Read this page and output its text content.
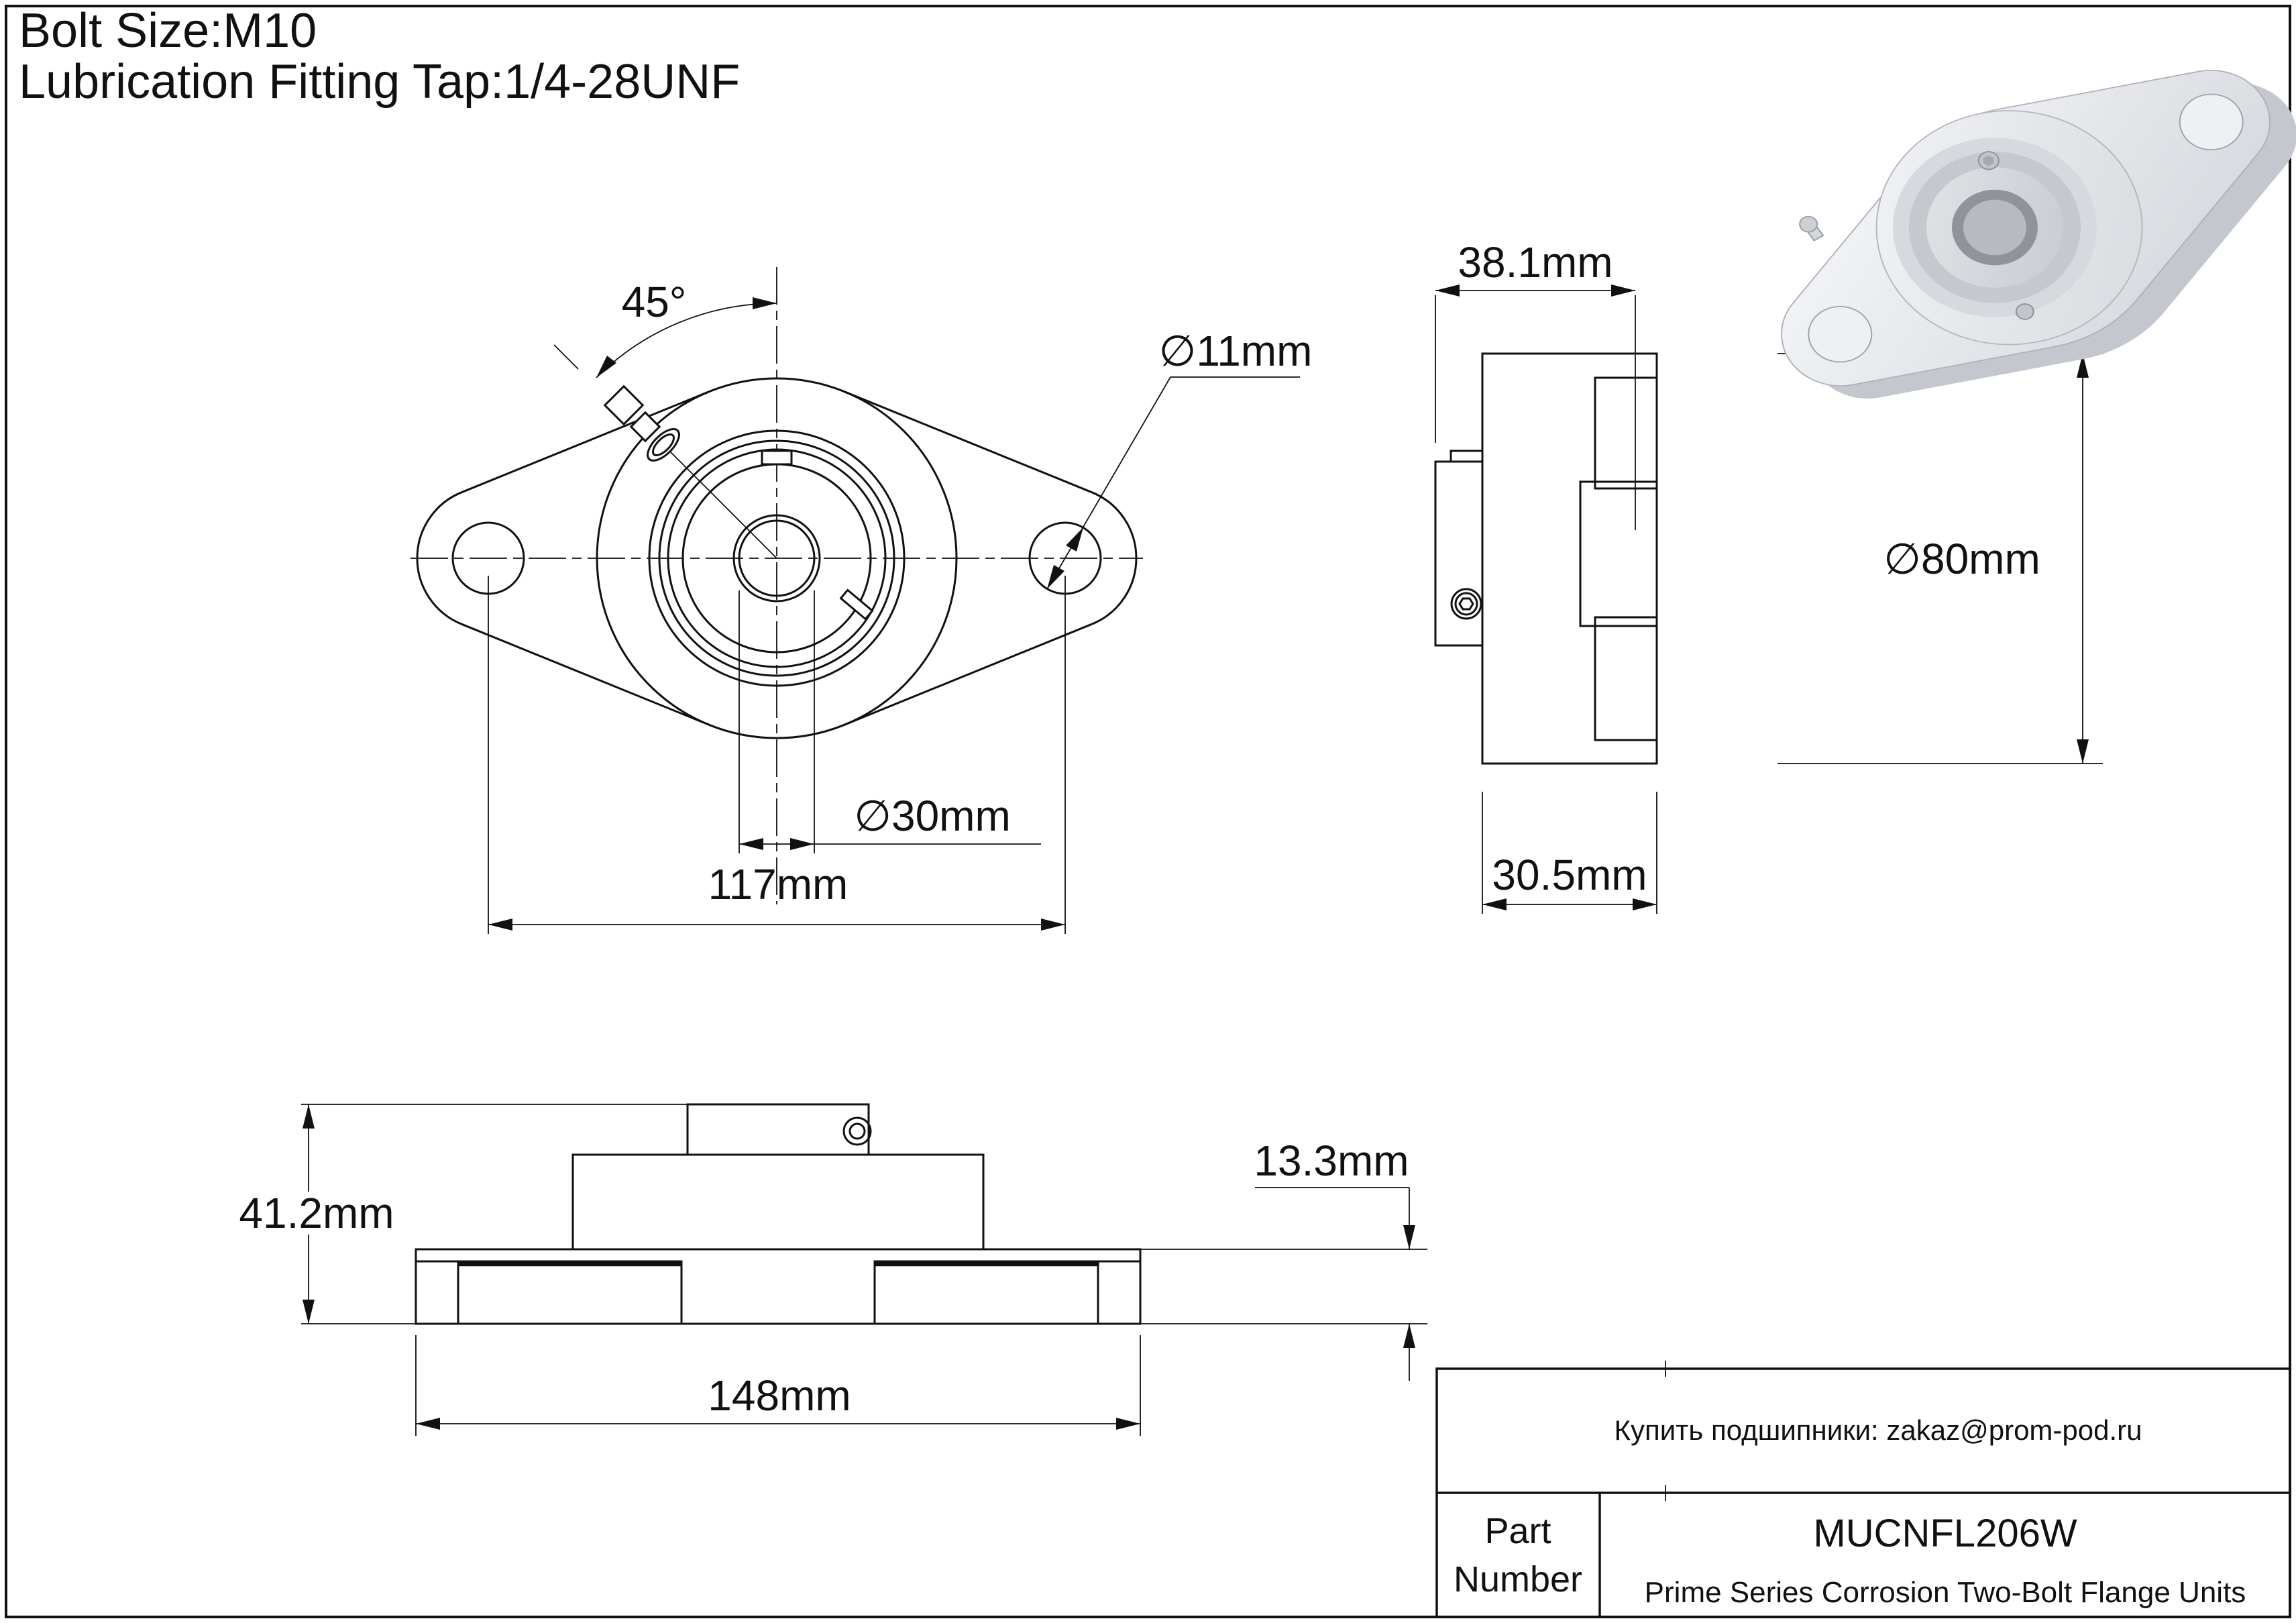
Bolt Size:M10
Lubrication Fitting Tap:1/4-28UNF
45°
∅11mm
∅30mm
117mm
38.1mm
30.5mm
∅80mm
41.2mm
13.3mm
148mm
Купить подшипники: zakaz@prom-pod.ru
Part
Number
MUCNFL206W
Prime Series Corrosion Two-Bolt Flange Units
